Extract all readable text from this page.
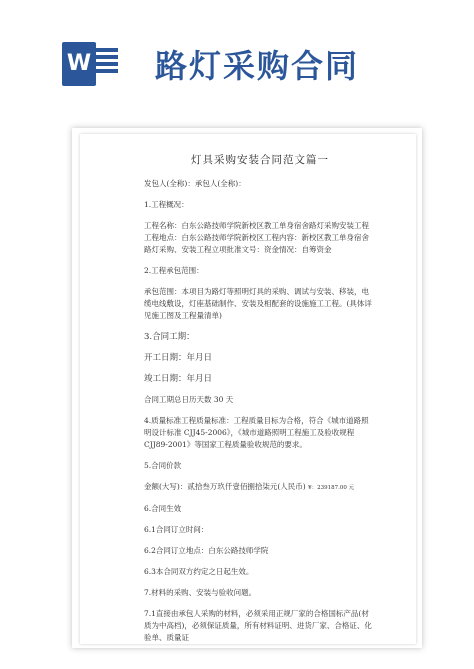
W 路灯采购合同

灯具采购安装合同范文篇一

发包人(全称)：承包人(全称)：

1.工程概况：

工程名称：白东公路技师学院新校区教工单身宿舍路灯采购安装工程工程地点：白东公路技师学院新校区工程内容：新校区教工单身宿舍路灯采购、安装工程立项批准文号：资金情况：自筹资金

2.工程承包范围：

承包范围：本项目为路灯等照明灯具的采购、调试与安装、移装，电缆电线敷设，灯座基础制作、安装及相配套的设施施工工程。(具体详见施工图及工程量清单)

3.合同工期：

开工日期：年月日

竣工日期：年月日

合同工期总日历天数 30 天

4.质量标准工程质量标准：工程质量目标为合格，符合《城市道路照明设计标准 CJJ45-2006》，《城市道路照明工程施工及验收规程 CJJ89-2001》等国家工程质量验收规范的要求。

5.合同价款

金额(大写)：贰拾叁万玖仟壹佰捌拾柒元(人民币) ¥：239187.00 元

6.合同生效

6.1合同订立时间：

6.2合同订立地点：白东公路技师学院

6.3本合同双方约定之日起生效。

7.材料的采购、安装与验收问题。

7.1直接由承包人采购的材料，必须采用正规厂家的合格国标产品(材质为中高档)，必须保证质量，所有材料证明、进货厂家、合格证、化验单、质量证
